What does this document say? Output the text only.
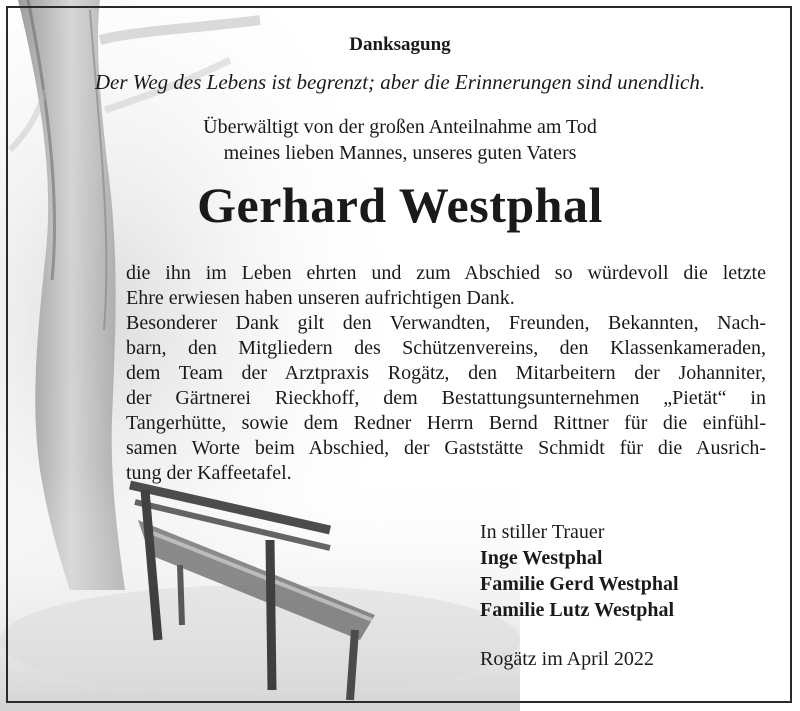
Danksagung
Der Weg des Lebens ist begrenzt; aber die Erinnerungen sind unendlich.
Überwältigt von der großen Anteilnahme am Tod
meines lieben Mannes, unseres guten Vaters
Gerhard Westphal
die ihn im Leben ehrten und zum Abschied so würdevoll die letzte
Ehre erwiesen haben unseren aufrichtigen Dank.
Besonderer Dank gilt den Verwandten, Freunden, Bekannten, Nach-
barn, den Mitgliedern des Schützenvereins, den Klassenkameraden,
dem Team der Arztpraxis Rogätz, den Mitarbeitern der Johanniter,
der Gärtnerei Rieckhoff, dem Bestattungsunternehmen „Pietät“ in
Tangerhütte, sowie dem Redner Herrn Bernd Rittner für die einfühl-
samen Worte beim Abschied, der Gaststätte Schmidt für die Ausrich-
tung der Kaffeetafel.
In stiller Trauer
Inge Westphal
Familie Gerd Westphal
Familie Lutz Westphal
Rogätz im April 2022
